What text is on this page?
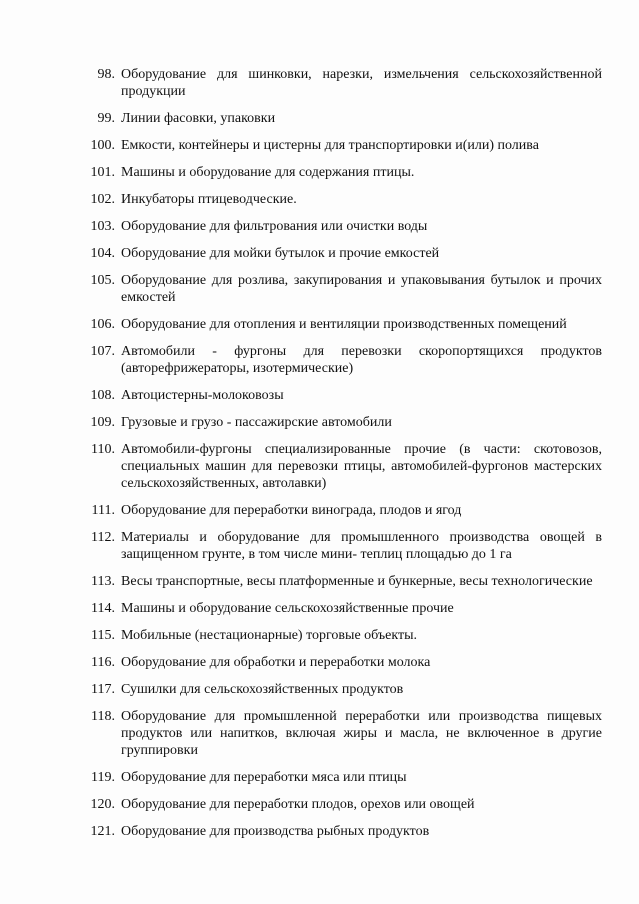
98. Оборудование для шинковки, нарезки, измельчения сельскохозяйственной продукции
99. Линии фасовки, упаковки
100. Емкости, контейнеры и цистерны для транспортировки и(или) полива
101. Машины и оборудование для содержания птицы.
102. Инкубаторы птицеводческие.
103. Оборудование для фильтрования или очистки воды
104. Оборудование для мойки бутылок и прочие емкостей
105. Оборудование для розлива, закупирования и упаковывания бутылок и прочих емкостей
106. Оборудование для отопления и вентиляции производственных помещений
107. Автомобили - фургоны для перевозки скоропортящихся продуктов (авторефрижераторы, изотермические)
108. Автоцистерны-молоковозы
109. Грузовые и грузо - пассажирские автомобили
110. Автомобили-фургоны специализированные прочие (в части: скотовозов, специальных машин для перевозки птицы, автомобилей-фургонов мастерских сельскохозяйственных, автолавки)
111. Оборудование для переработки винограда, плодов и ягод
112. Материалы и оборудование для промышленного производства овощей в защищенном грунте, в том числе мини- теплиц площадью до 1 га
113. Весы транспортные, весы платформенные и бункерные, весы технологические
114. Машины и оборудование сельскохозяйственные прочие
115. Мобильные (нестационарные) торговые объекты.
116. Оборудование для обработки и переработки молока
117. Сушилки для сельскохозяйственных продуктов
118. Оборудование для промышленной переработки или производства пищевых продуктов или напитков, включая жиры и масла, не включенное в другие группировки
119. Оборудование для переработки мяса или птицы
120. Оборудование для переработки плодов, орехов или овощей
121. Оборудование для производства рыбных продуктов
